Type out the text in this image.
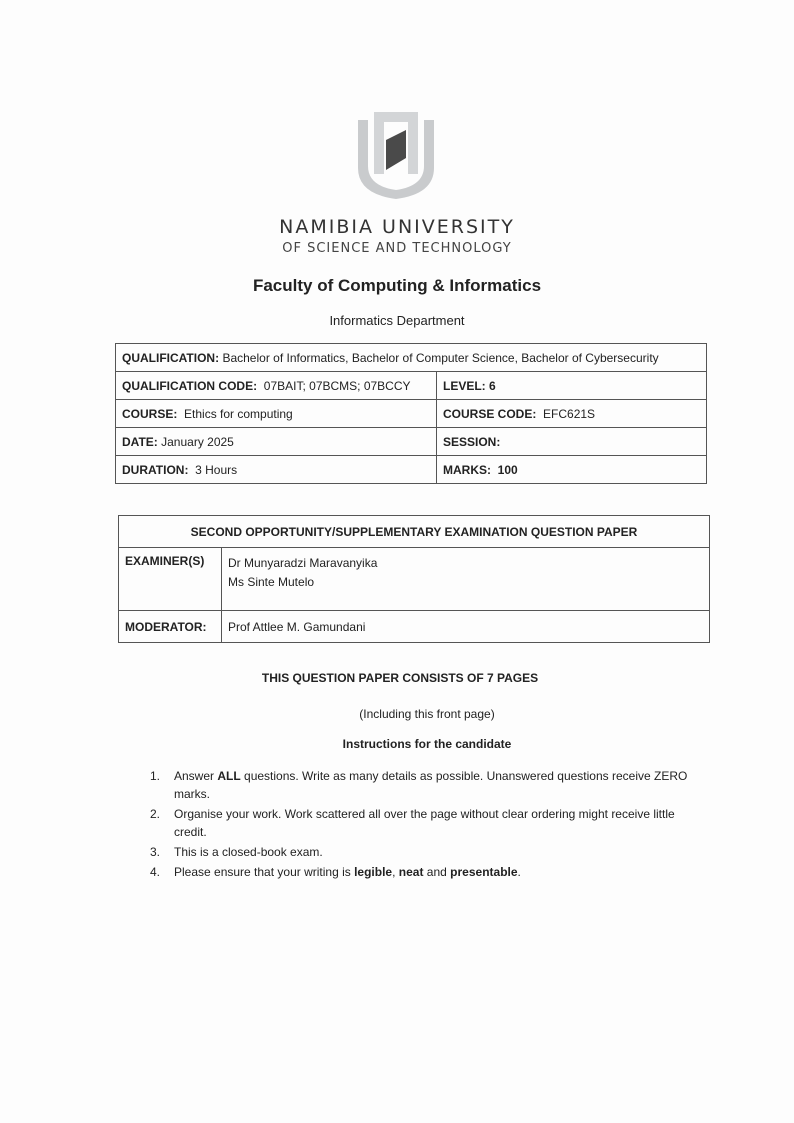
NAMIBIA UNIVERSITY
OF SCIENCE AND TECHNOLOGY
Faculty of Computing & Informatics
Informatics Department
QUALIFICATION: Bachelor of Informatics, Bachelor of Computer Science, Bachelor of Cybersecurity	
QUALIFICATION CODE: 07BAIT; 07BCMS; 07BCCY	LEVEL: 6
COURSE: Ethics for computing	COURSE CODE: EFC621S
DATE: January 2025	SESSION:
DURATION: 3 Hours	MARKS: 100
SECOND OPPORTUNITY/SUPPLEMENTARY EXAMINATION QUESTION PAPER	
EXAMINER(S)	Dr Munyaradzi Maravanyika
Ms Sinte Mutelo

MODERATOR:	Prof Attlee M. Gamundani
THIS QUESTION PAPER CONSISTS OF 7 PAGES
(Including this front page)
Instructions for the candidate
1. Answer ALL questions. Write as many details as possible. Unanswered questions receive ZERO marks.
2. Organise your work. Work scattered all over the page without clear ordering might receive little credit.
3. This is a closed-book exam.
4. Please ensure that your writing is legible, neat and presentable.
